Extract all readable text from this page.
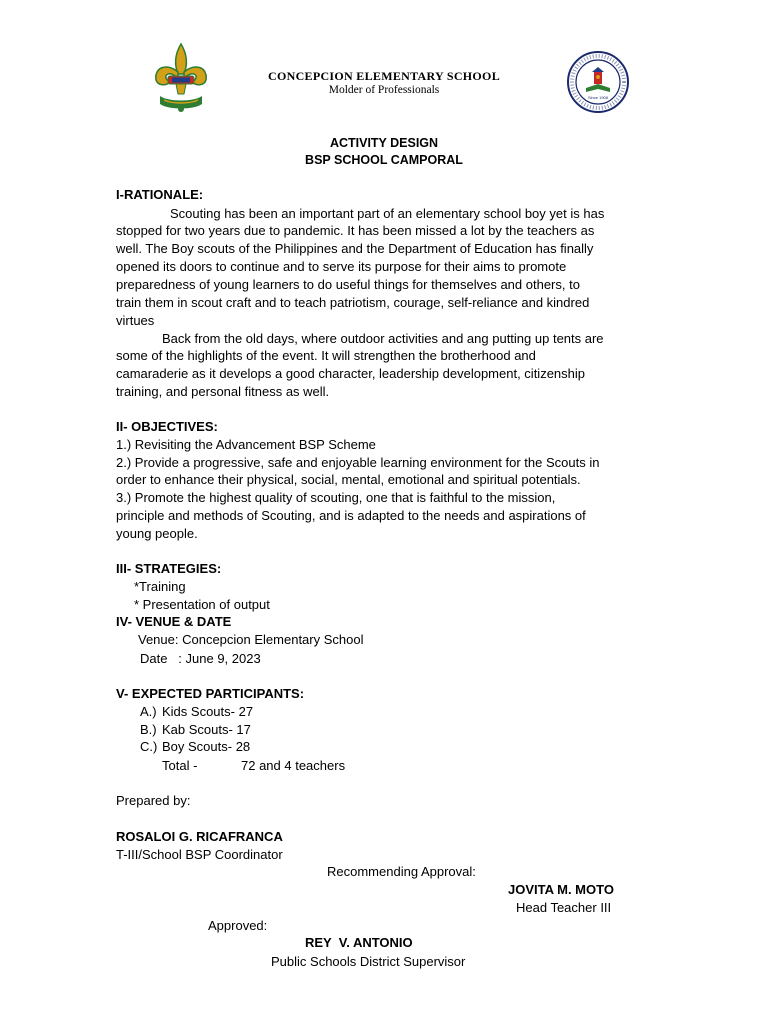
CONCEPCION ELEMENTARY SCHOOL
Molder of Professionals
Since 1908
ACTIVITY DESIGN
BSP SCHOOL CAMPORAL
I-RATIONALE:
Scouting has been an important part of an elementary school boy yet is has
stopped for two years due to pandemic. It has been missed a lot by the teachers as
well. The Boy scouts of the Philippines and the Department of Education has finally
opened its doors to continue and to serve its purpose for their aims to promote
preparedness of young learners to do useful things for themselves and others, to
train them in scout craft and to teach patriotism, courage, self-reliance and kindred
virtues
Back from the old days, where outdoor activities and ang putting up tents are
some of the highlights of the event. It will strengthen the brotherhood and
camaraderie as it develops a good character, leadership development, citizenship
training, and personal fitness as well.
II- OBJECTIVES:
1.) Revisiting the Advancement BSP Scheme
2.) Provide a progressive, safe and enjoyable learning environment for the Scouts in
order to enhance their physical, social, mental, emotional and spiritual potentials.
3.) Promote the highest quality of scouting, one that is faithful to the mission,
principle and methods of Scouting, and is adapted to the needs and aspirations of
young people.
III- STRATEGIES:
*Training
* Presentation of output
IV- VENUE & DATE
Venue: Concepcion Elementary School
Date   : June 9, 2023
V- EXPECTED PARTICIPANTS:
A.) Kids Scouts- 27
B.) Kab Scouts- 17
C.) Boy Scouts- 28
Total -	72 and 4 teachers
Prepared by:
ROSALOI G. RICAFRANCA
T-III/School BSP Coordinator
Recommending Approval:
JOVITA M. MOTO
Head Teacher III
Approved:
REY  V. ANTONIO
Public Schools District Supervisor
